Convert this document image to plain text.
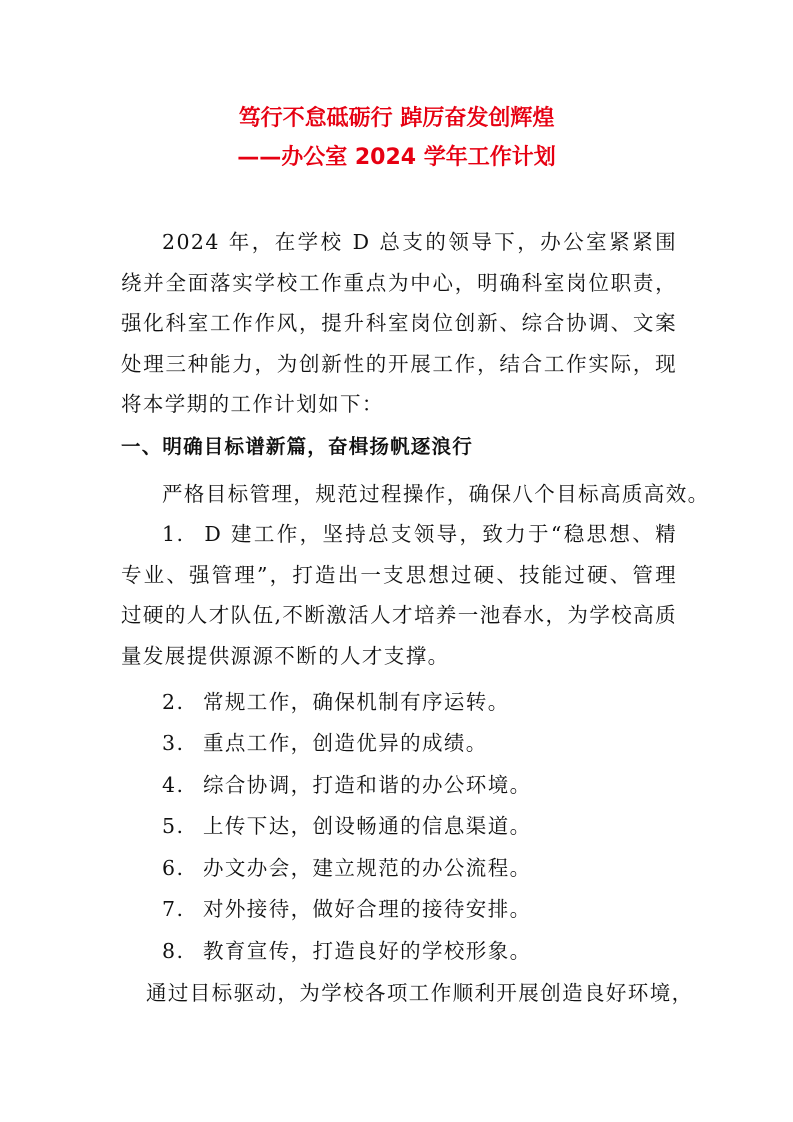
笃行不怠砥砺行 踔厉奋发创辉煌
——办公室 2024 学年工作计划

2024 年，在学校 D 总支的领导下，办公室紧紧围绕并全面落实学校工作重点为中心，明确科室岗位职责，强化科室工作作风，提升科室岗位创新、综合协调、文案处理三种能力，为创新性的开展工作，结合工作实际，现将本学期的工作计划如下：

一、明确目标谱新篇，奋楫扬帆逐浪行
严格目标管理，规范过程操作，确保八个目标高质高效。

1. D 建工作，坚持总支领导，致力于“稳思想、精专业、强管理”，打造出一支思想过硬、技能过硬、管理过硬的人才队伍,不断激活人才培养一池春水，为学校高质量发展提供源源不断的人才支撑。

2. 常规工作，确保机制有序运转。
3. 重点工作，创造优异的成绩。
4. 综合协调，打造和谐的办公环境。
5. 上传下达，创设畅通的信息渠道。
6. 办文办会，建立规范的办公流程。
7. 对外接待，做好合理的接待安排。
8. 教育宣传，打造良好的学校形象。
通过目标驱动，为学校各项工作顺利开展创造良好环境，
